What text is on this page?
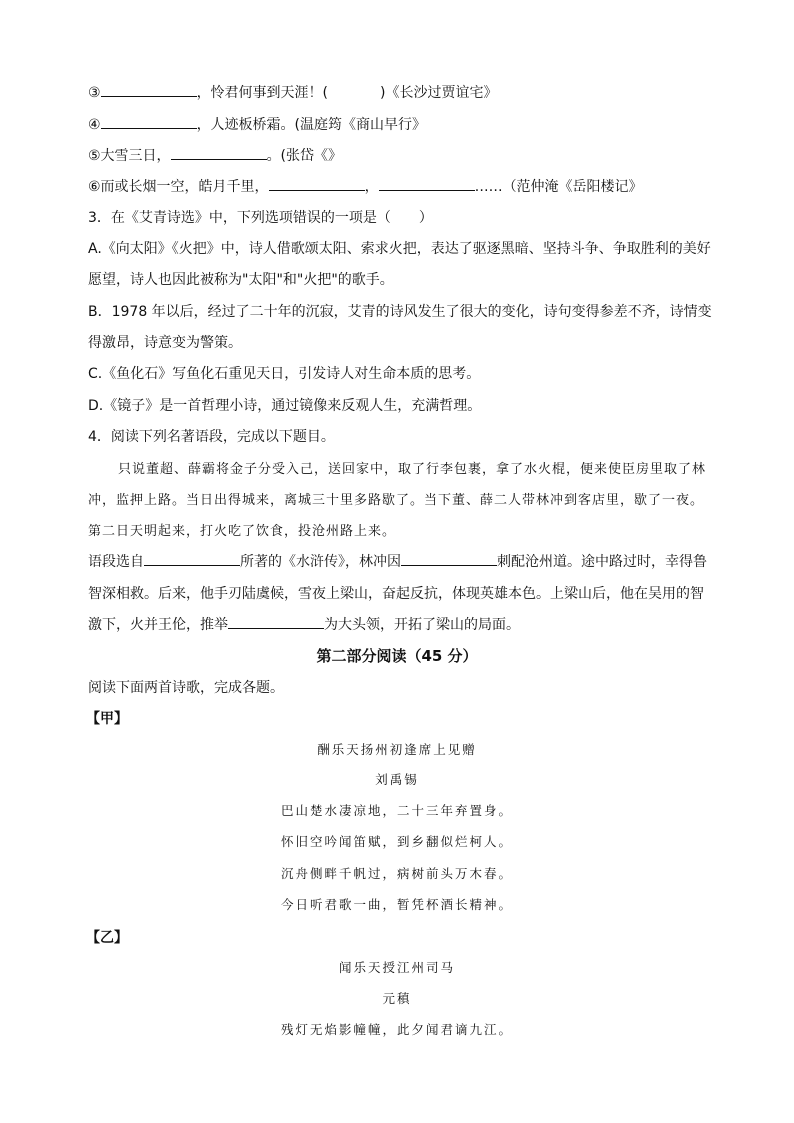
③	，怜君何事到天涯！(	)《长沙过贾谊宅》
④	，人迹板桥霜。(温庭筠《商山早行》
⑤大雪三日，	。(张岱《》
⑥而或长烟一空，皓月千里，	，	……（范仲淹《岳阳楼记》
3．在《艾青诗选》中，下列选项错误的一项是（　　）
A.《向太阳》《火把》中，诗人借歌颂太阳、索求火把，表达了驱逐黑暗、坚持斗争、争取胜利的美好
愿望，诗人也因此被称为"太阳"和"火把"的歌手。
B．1978 年以后，经过了二十年的沉寂，艾青的诗风发生了很大的变化，诗句变得参差不齐，诗情变
得激昂，诗意变为警策。
C.《鱼化石》写鱼化石重见天日，引发诗人对生命本质的思考。
D.《镜子》是一首哲理小诗，通过镜像来反观人生，充满哲理。
4．阅读下列名著语段，完成以下题目。
只说董超、薛霸将金子分受入己，送回家中，取了行李包裹，拿了水火棍，便来使臣房里取了林
冲，监押上路。当日出得城来，离城三十里多路歇了。当下董、薛二人带林冲到客店里，歇了一夜。
第二日天明起来，打火吃了饮食，投沧州路上来。
语段选自	所著的《水浒传》，林冲因	刺配沧州道。途中路过时，幸得鲁
智深相救。后来，他手刃陆虞候，雪夜上梁山，奋起反抗，体现英雄本色。上梁山后，他在吴用的智
激下，火并王伦，推举	为大头领，开拓了梁山的局面。
第二部分阅读（45 分）
阅读下面两首诗歌，完成各题。
【甲】
酬乐天扬州初逢席上见赠
刘禹锡
巴山楚水凄凉地，二十三年弃置身。
怀旧空吟闻笛赋，到乡翻似烂柯人。
沉舟侧畔千帆过，病树前头万木春。
今日听君歌一曲，暂凭杯酒长精神。
【乙】
闻乐天授江州司马
元稹
残灯无焰影幢幢，此夕闻君谪九江。
